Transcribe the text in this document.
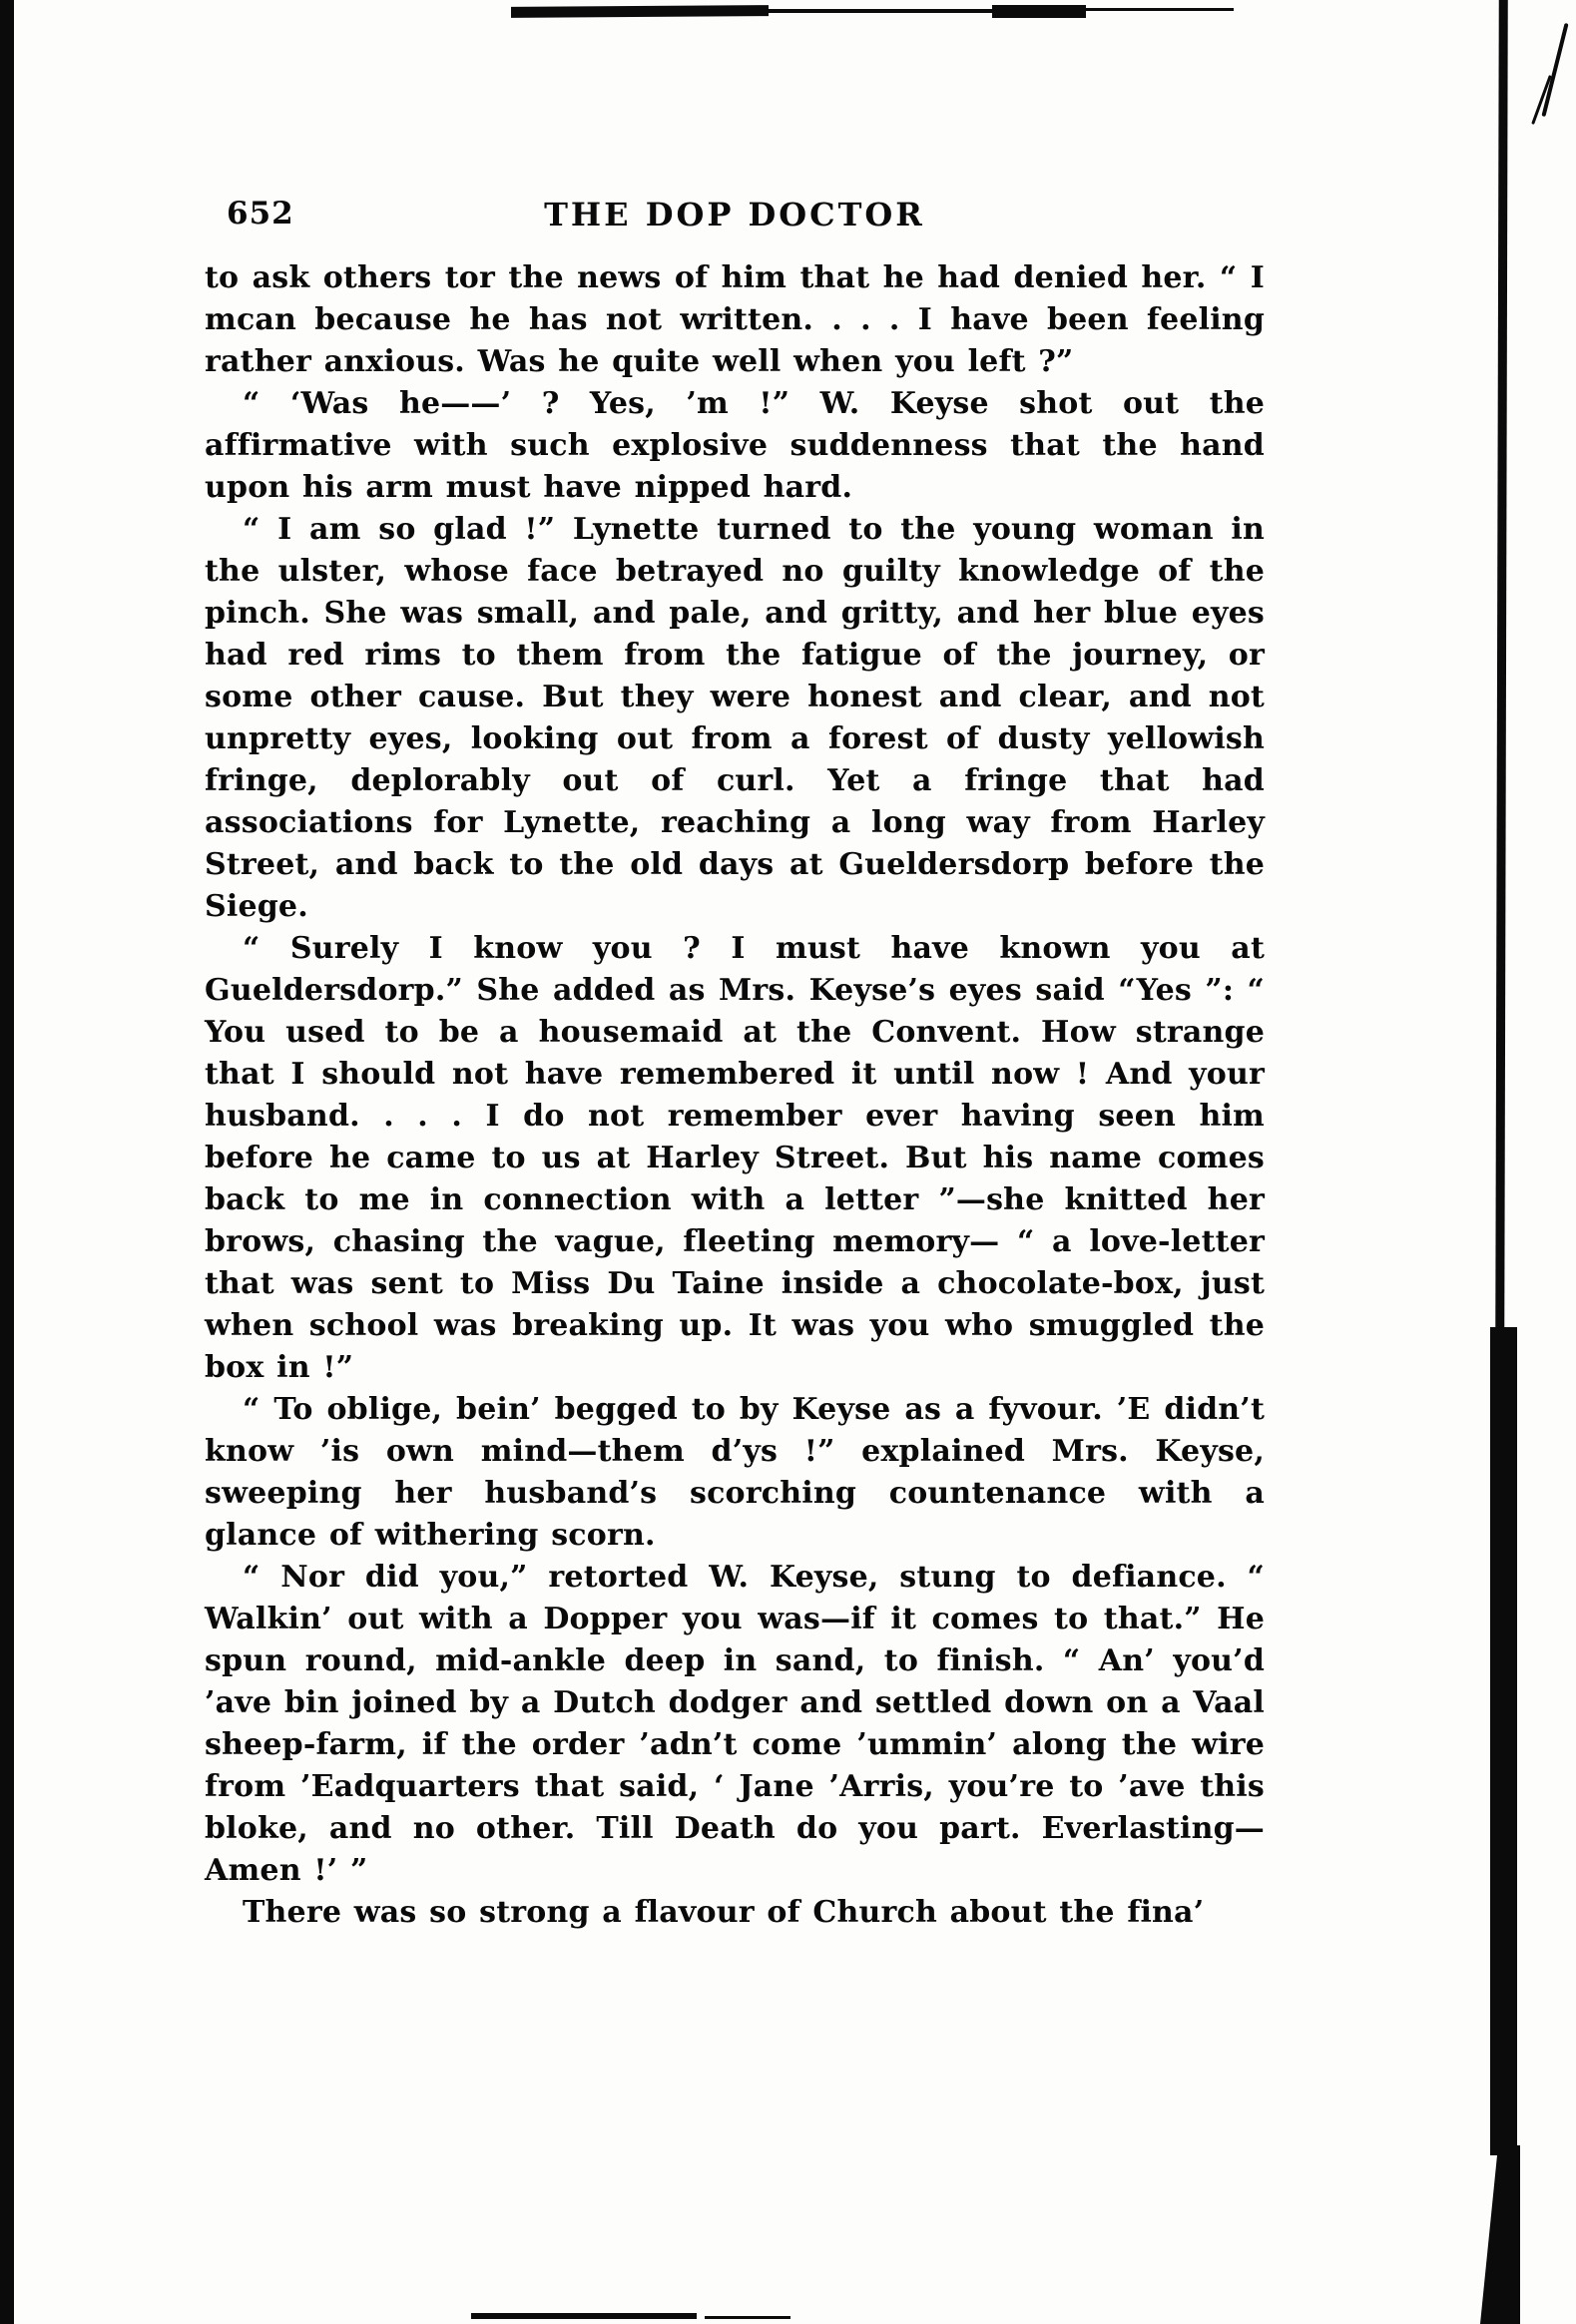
652	THE DOP DOCTOR

to ask others tor the news of him that he had denied her. “ I mcan because he has not written. . . . I have been feeling rather anxious. Was he quite well when you left ?”

“ ‘Was he——’ ? Yes, ’m !” W. Keyse shot out the affirmative with such explosive suddenness that the hand upon his arm must have nipped hard.

“ I am so glad !” Lynette turned to the young woman in the ulster, whose face betrayed no guilty knowledge of the pinch. She was small, and pale, and gritty, and her blue eyes had red rims to them from the fatigue of the journey, or some other cause. But they were honest and clear, and not unpretty eyes, looking out from a forest of dusty yellowish fringe, deplorably out of curl. Yet a fringe that had associations for Lynette, reaching a long way from Harley Street, and back to the old days at Gueldersdorp before the Siege.

“ Surely I know you ? I must have known you at Gueldersdorp.” She added as Mrs. Keyse’s eyes said “Yes ”: “ You used to be a housemaid at the Convent. How strange that I should not have remembered it until now ! And your husband. . . . I do not remember ever having seen him before he came to us at Harley Street. But his name comes back to me in connection with a letter ”—she knitted her brows, chasing the vague, fleeting memory— “ a love-letter that was sent to Miss Du Taine inside a chocolate-box, just when school was breaking up. It was you who smuggled the box in !”

“ To oblige, bein’ begged to by Keyse as a fyvour. ’E didn’t know ’is own mind—them d’ys !” explained Mrs. Keyse, sweeping her husband’s scorching countenance with a glance of withering scorn.

“ Nor did you,” retorted W. Keyse, stung to defiance. “ Walkin’ out with a Dopper you was—if it comes to that.” He spun round, mid-ankle deep in sand, to finish. “ An’ you’d ’ave bin joined by a Dutch dodger and settled down on a Vaal sheep-farm, if the order ’adn’t come ’ummin’ along the wire from ’Eadquarters that said, ‘ Jane ’Arris, you’re to ’ave this bloke, and no other. Till Death do you part. Everlasting—Amen !’ ”

There was so strong a flavour of Church about the fina’
